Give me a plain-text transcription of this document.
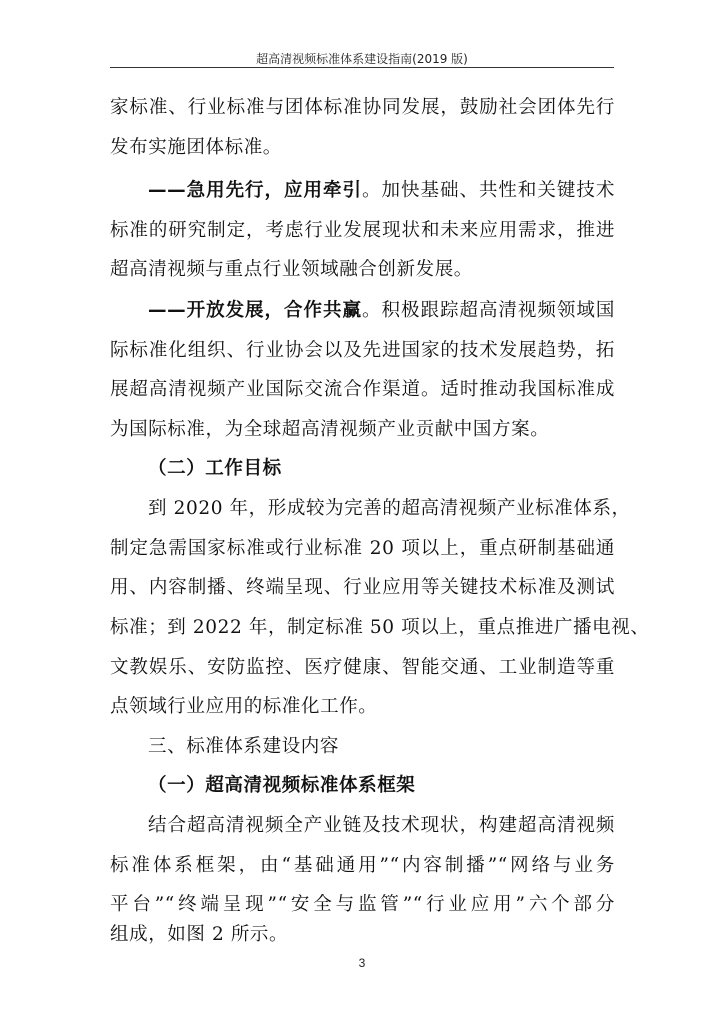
超高清视频标准体系建设指南(2019 版)
家标准、行业标准与团体标准协同发展，鼓励社会团体先行
发布实施团体标准。
——急用先行，应用牵引。加快基础、共性和关键技术
标准的研究制定，考虑行业发展现状和未来应用需求，推进
超高清视频与重点行业领域融合创新发展。
——开放发展，合作共赢。积极跟踪超高清视频领域国
际标准化组织、行业协会以及先进国家的技术发展趋势，拓
展超高清视频产业国际交流合作渠道。适时推动我国标准成
为国际标准，为全球超高清视频产业贡献中国方案。
（二）工作目标
到 2020 年，形成较为完善的超高清视频产业标准体系，
制定急需国家标准或行业标准 20 项以上，重点研制基础通
用、内容制播、终端呈现、行业应用等关键技术标准及测试
标准；到 2022 年，制定标准 50 项以上，重点推进广播电视、
文教娱乐、安防监控、医疗健康、智能交通、工业制造等重
点领域行业应用的标准化工作。
三、标准体系建设内容
（一）超高清视频标准体系框架
结合超高清视频全产业链及技术现状，构建超高清视频
标准体系框架，由“基础通用”“内容制播”“网络与业务
平台”“终端呈现”“安全与监管”“行业应用”六个部分
组成，如图 2 所示。
3
